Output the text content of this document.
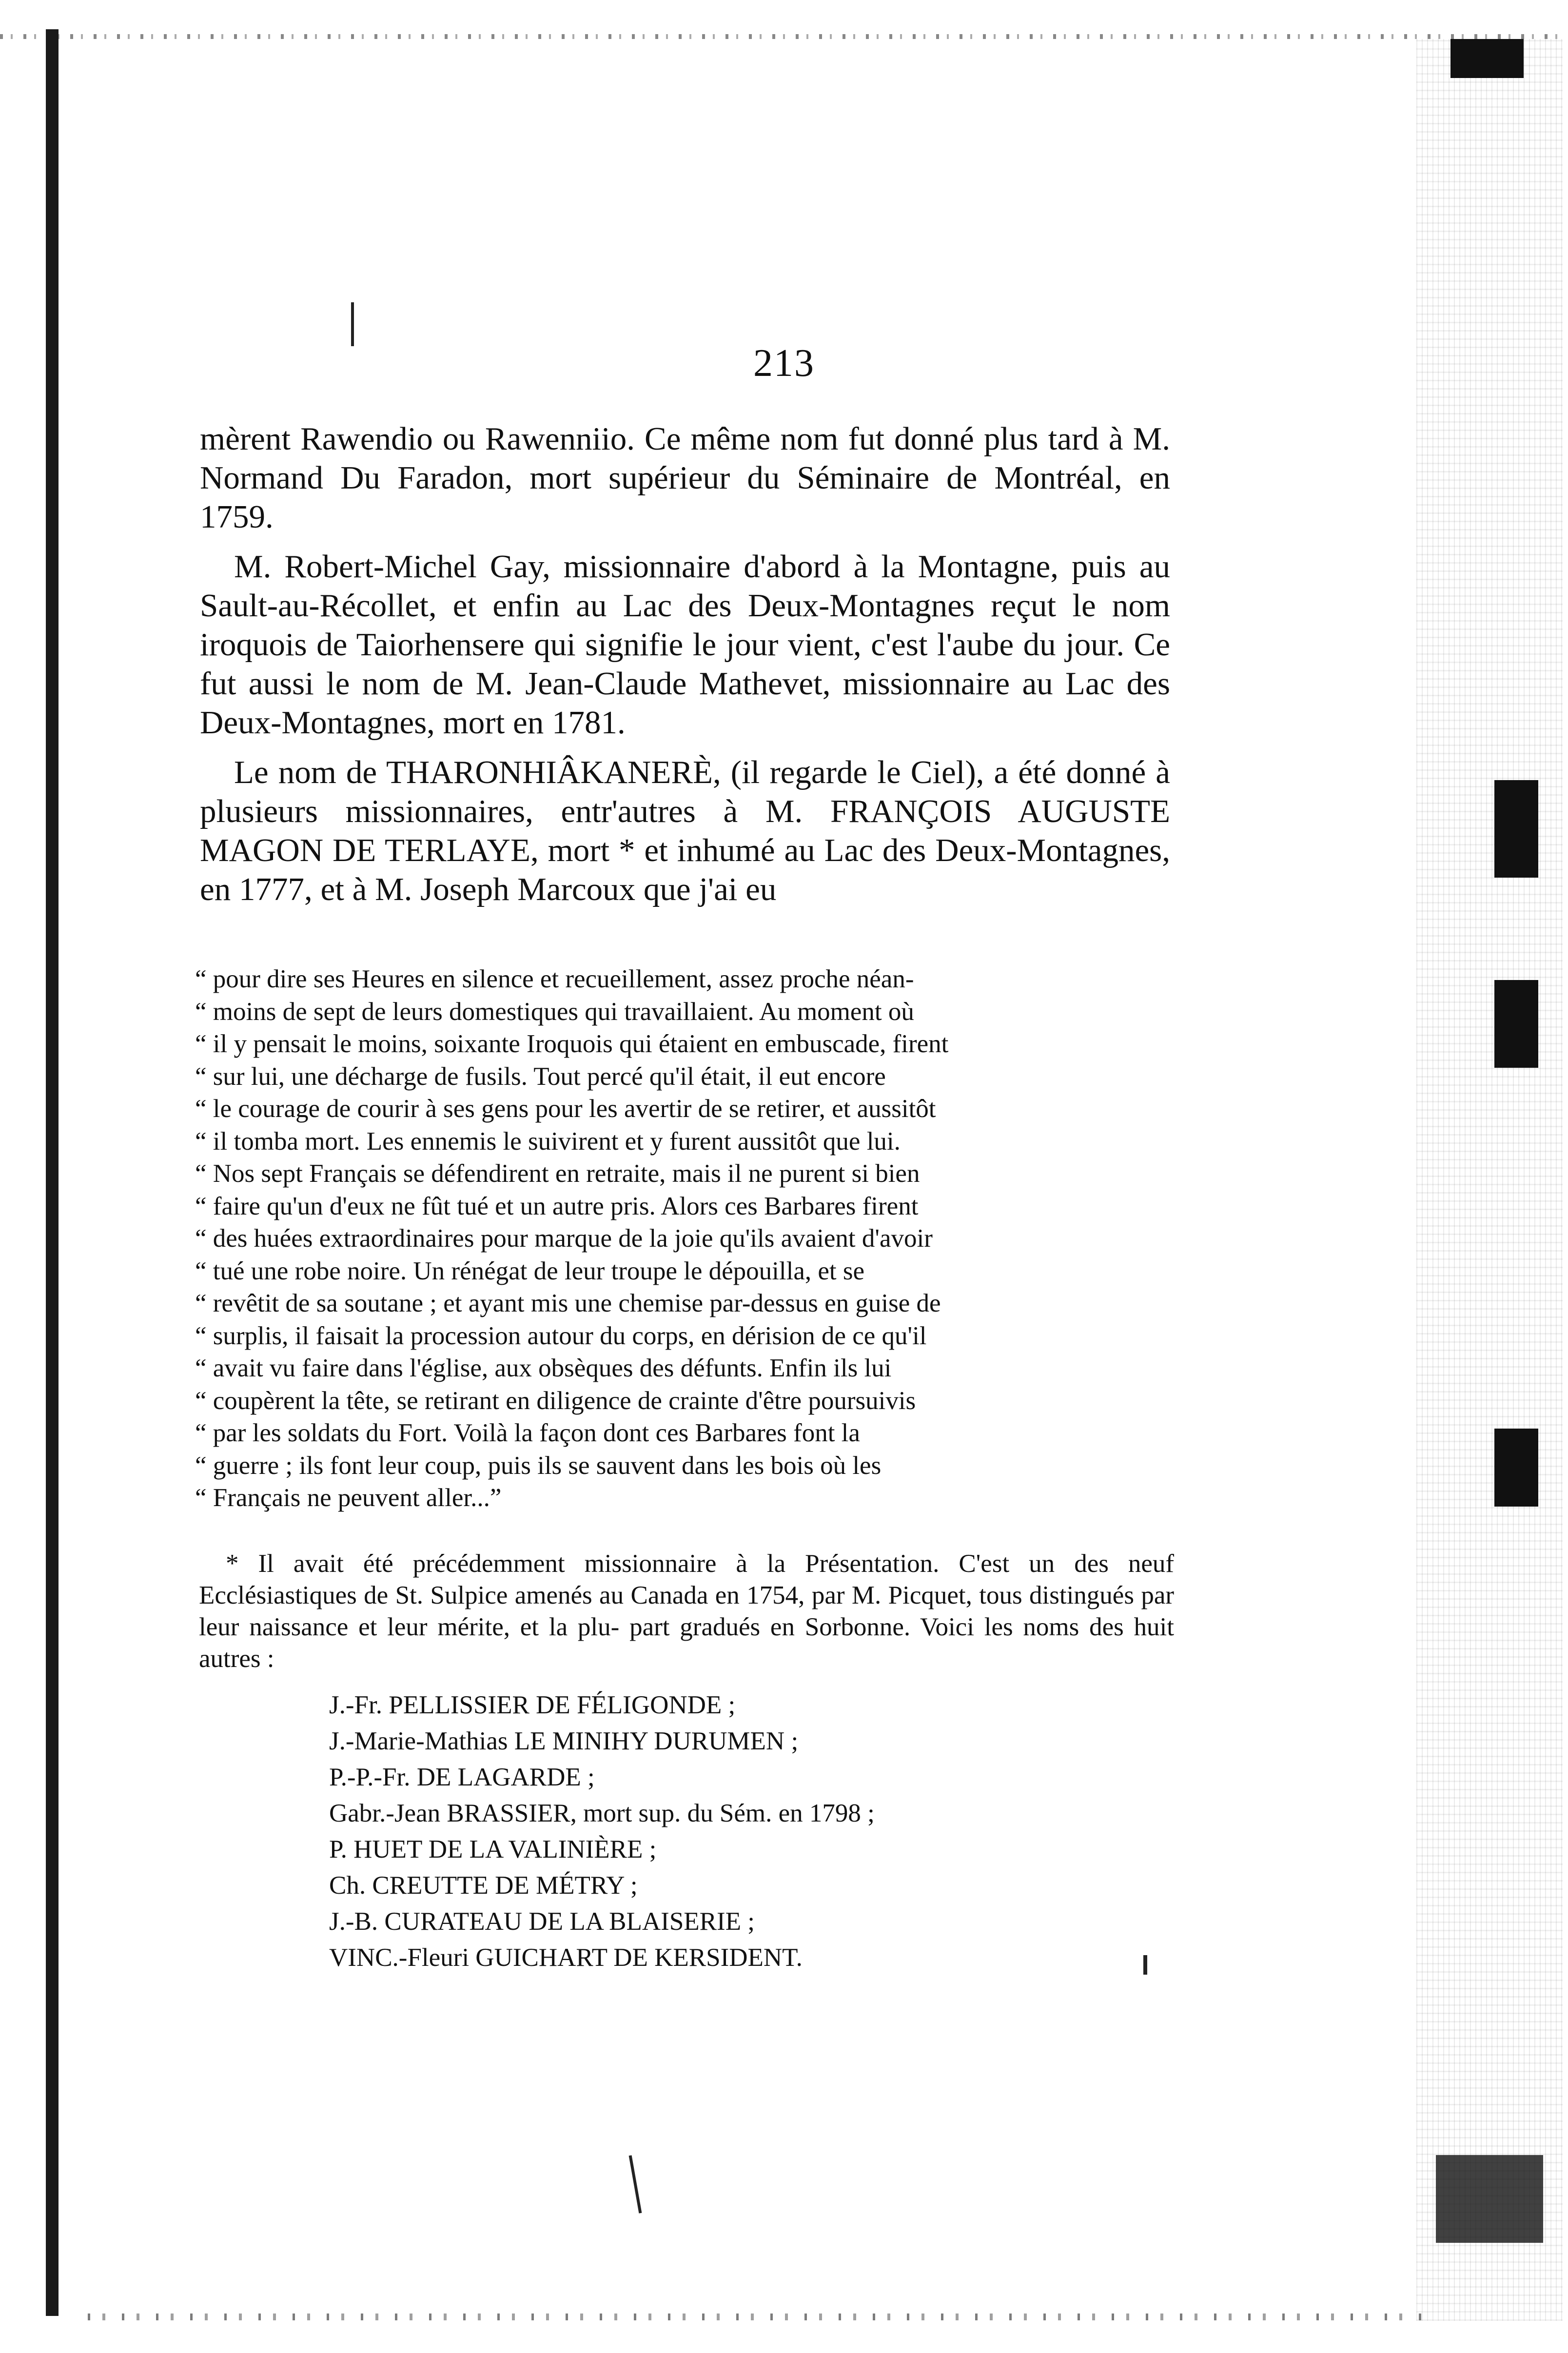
213

mèrent Rawendio ou Rawenniio. Ce même nom fut donné plus tard à M. Normand Du Faradon, mort supérieur du Séminaire de Montréal, en 1759.

M. Robert-Michel Gay, missionnaire d'abord à la Montagne, puis au Sault-au-Récollet, et enfin au Lac des Deux-Montagnes reçut le nom iroquois de Taiorhensere qui signifie le jour vient, c'est l'aube du jour. Ce fut aussi le nom de M. Jean-Claude Mathevet, missionnaire au Lac des Deux-Montagnes, mort en 1781.

Le nom de THARONHIÂKANERÈ, (il regarde le Ciel), a été donné à plusieurs missionnaires, entr'autres à M. FRANÇOIS AUGUSTE MAGON DE TERLAYE, mort * et inhumé au Lac des Deux-Montagnes, en 1777, et à M. Joseph Marcoux que j'ai eu

“ pour dire ses Heures en silence et recueillement, assez proche néan-
“ moins de sept de leurs domestiques qui travaillaient. Au moment où
“ il y pensait le moins, soixante Iroquois qui étaient en embuscade, firent
“ sur lui, une décharge de fusils. Tout percé qu'il était, il eut encore
“ le courage de courir à ses gens pour les avertir de se retirer, et aussitôt
“ il tomba mort. Les ennemis le suivirent et y furent aussitôt que lui.
“ Nos sept Français se défendirent en retraite, mais il ne purent si bien
“ faire qu'un d'eux ne fût tué et un autre pris. Alors ces Barbares firent
“ des huées extraordinaires pour marque de la joie qu'ils avaient d'avoir
“ tué une robe noire. Un rénégat de leur troupe le dépouilla, et se
“ revêtit de sa soutane ; et ayant mis une chemise par-dessus en guise de
“ surplis, il faisait la procession autour du corps, en dérision de ce qu'il
“ avait vu faire dans l'église, aux obsèques des défunts. Enfin ils lui
“ coupèrent la tête, se retirant en diligence de crainte d'être poursuivis
“ par les soldats du Fort. Voilà la façon dont ces Barbares font la
“ guerre ; ils font leur coup, puis ils se sauvent dans les bois où les
“ Français ne peuvent aller...”

* Il avait été précédemment missionnaire à la Présentation. C'est un des neuf Ecclésiastiques de St. Sulpice amenés au Canada en 1754, par M. Picquet, tous distingués par leur naissance et leur mérite, et la plu- part gradués en Sorbonne. Voici les noms des huit autres :

J.-Fr. PELLISSIER DE FÉLIGONDE ;
J.-Marie-Mathias LE MINIHY DURUMEN ;
P.-P.-Fr. DE LAGARDE ;
Gabr.-Jean BRASSIER, mort sup. du Sém. en 1798 ;
P. HUET DE LA VALINIÈRE ;
Ch. CREUTTE DE MÉTRY ;
J.-B. CURATEAU DE LA BLAISERIE ;
VINC.-Fleuri GUICHART DE KERSIDENT.
